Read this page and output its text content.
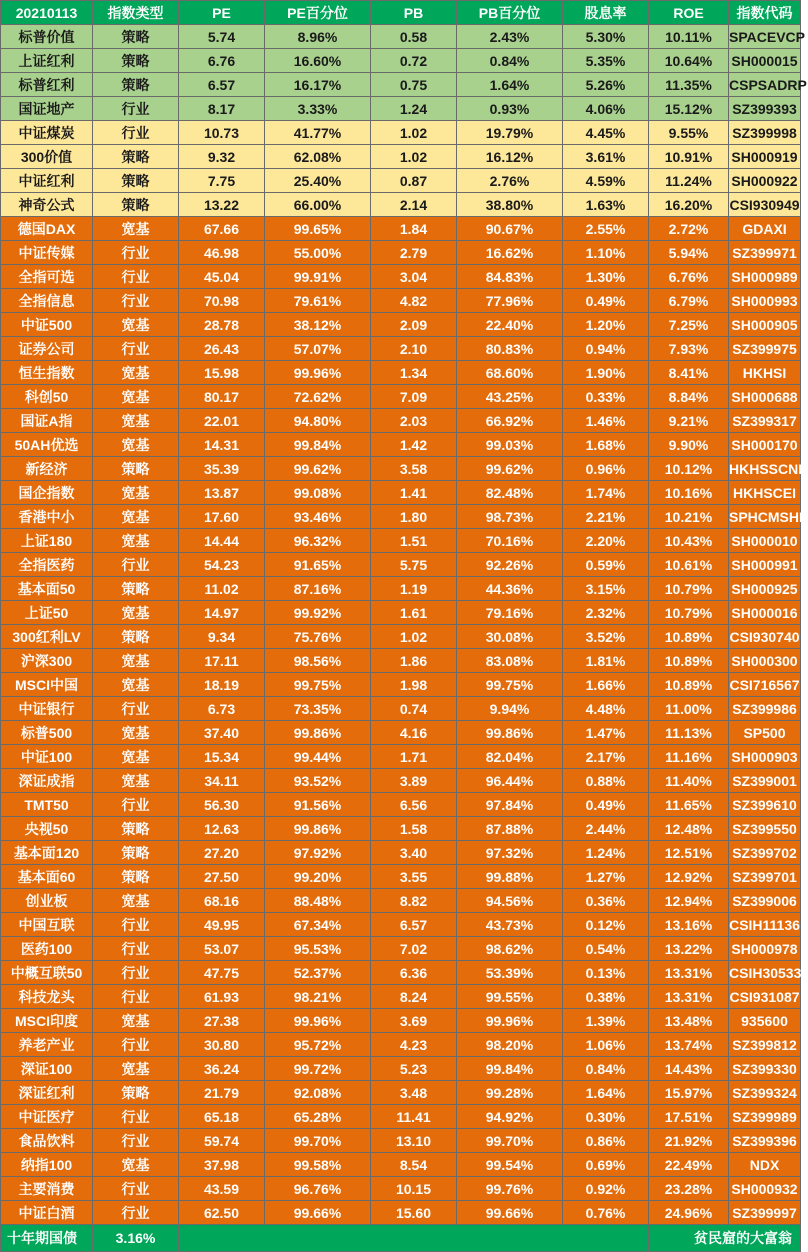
20210113	指数类型	PE	PE百分位	PB	PB百分位	股息率	ROE	指数代码
标普价值	策略	5.74	8.96%	0.58	2.43%	5.30%	10.11%	SPACEVCP
上证红利	策略	6.76	16.60%	0.72	0.84%	5.35%	10.64%	SH000015
标普红利	策略	6.57	16.17%	0.75	1.64%	5.26%	11.35%	CSPSADRP
国证地产	行业	8.17	3.33%	1.24	0.93%	4.06%	15.12%	SZ399393
中证煤炭	行业	10.73	41.77%	1.02	19.79%	4.45%	9.55%	SZ399998
300价值	策略	9.32	62.08%	1.02	16.12%	3.61%	10.91%	SH000919
中证红利	策略	7.75	25.40%	0.87	2.76%	4.59%	11.24%	SH000922
神奇公式	策略	13.22	66.00%	2.14	38.80%	1.63%	16.20%	CSI930949
德国DAX	宽基	67.66	99.65%	1.84	90.67%	2.55%	2.72%	GDAXI
中证传媒	行业	46.98	55.00%	2.79	16.62%	1.10%	5.94%	SZ399971
全指可选	行业	45.04	99.91%	3.04	84.83%	1.30%	6.76%	SH000989
全指信息	行业	70.98	79.61%	4.82	77.96%	0.49%	6.79%	SH000993
中证500	宽基	28.78	38.12%	2.09	22.40%	1.20%	7.25%	SH000905
证券公司	行业	26.43	57.07%	2.10	80.83%	0.94%	7.93%	SZ399975
恒生指数	宽基	15.98	99.96%	1.34	68.60%	1.90%	8.41%	HKHSI
科创50	宽基	80.17	72.62%	7.09	43.25%	0.33%	8.84%	SH000688
国证A指	宽基	22.01	94.80%	2.03	66.92%	1.46%	9.21%	SZ399317
50AH优选	宽基	14.31	99.84%	1.42	99.03%	1.68%	9.90%	SH000170
新经济	策略	35.39	99.62%	3.58	99.62%	0.96%	10.12%	HKHSSCNE
国企指数	宽基	13.87	99.08%	1.41	82.48%	1.74%	10.16%	HKHSCEI
香港中小	宽基	17.60	93.46%	1.80	98.73%	2.21%	10.21%	SPHCMSHP
上证180	宽基	14.44	96.32%	1.51	70.16%	2.20%	10.43%	SH000010
全指医药	行业	54.23	91.65%	5.75	92.26%	0.59%	10.61%	SH000991
基本面50	策略	11.02	87.16%	1.19	44.36%	3.15%	10.79%	SH000925
上证50	宽基	14.97	99.92%	1.61	79.16%	2.32%	10.79%	SH000016
300红利LV	策略	9.34	75.76%	1.02	30.08%	3.52%	10.89%	CSI930740
沪深300	宽基	17.11	98.56%	1.86	83.08%	1.81%	10.89%	SH000300
MSCI中国	宽基	18.19	99.75%	1.98	99.75%	1.66%	10.89%	CSI716567
中证银行	行业	6.73	73.35%	0.74	9.94%	4.48%	11.00%	SZ399986
标普500	宽基	37.40	99.86%	4.16	99.86%	1.47%	11.13%	SP500
中证100	宽基	15.34	99.44%	1.71	82.04%	2.17%	11.16%	SH000903
深证成指	宽基	34.11	93.52%	3.89	96.44%	0.88%	11.40%	SZ399001
TMT50	行业	56.30	91.56%	6.56	97.84%	0.49%	11.65%	SZ399610
央视50	策略	12.63	99.86%	1.58	87.88%	2.44%	12.48%	SZ399550
基本面120	策略	27.20	97.92%	3.40	97.32%	1.24%	12.51%	SZ399702
基本面60	策略	27.50	99.20%	3.55	99.88%	1.27%	12.92%	SZ399701
创业板	宽基	68.16	88.48%	8.82	94.56%	0.36%	12.94%	SZ399006
中国互联	行业	49.95	67.34%	6.57	43.73%	0.12%	13.16%	CSIH11136
医药100	行业	53.07	95.53%	7.02	98.62%	0.54%	13.22%	SH000978
中概互联50	行业	47.75	52.37%	6.36	53.39%	0.13%	13.31%	CSIH30533
科技龙头	行业	61.93	98.21%	8.24	99.55%	0.38%	13.31%	CSI931087
MSCI印度	宽基	27.38	99.96%	3.69	99.96%	1.39%	13.48%	935600
养老产业	行业	30.80	95.72%	4.23	98.20%	1.06%	13.74%	SZ399812
深证100	宽基	36.24	99.72%	5.23	99.84%	0.84%	14.43%	SZ399330
深证红利	策略	21.79	92.08%	3.48	99.28%	1.64%	15.97%	SZ399324
中证医疗	行业	65.18	65.28%	11.41	94.92%	0.30%	17.51%	SZ399989
食品饮料	行业	59.74	99.70%	13.10	99.70%	0.86%	21.92%	SZ399396
纳指100	宽基	37.98	99.58%	8.54	99.54%	0.69%	22.49%	NDX
主要消费	行业	43.59	96.76%	10.15	99.76%	0.92%	23.28%	SH000932
中证白酒	行业	62.50	99.66%	15.60	99.66%	0.76%	24.96%	SZ399997
十年期国债	3.16%						贫民窟的大富翁	
